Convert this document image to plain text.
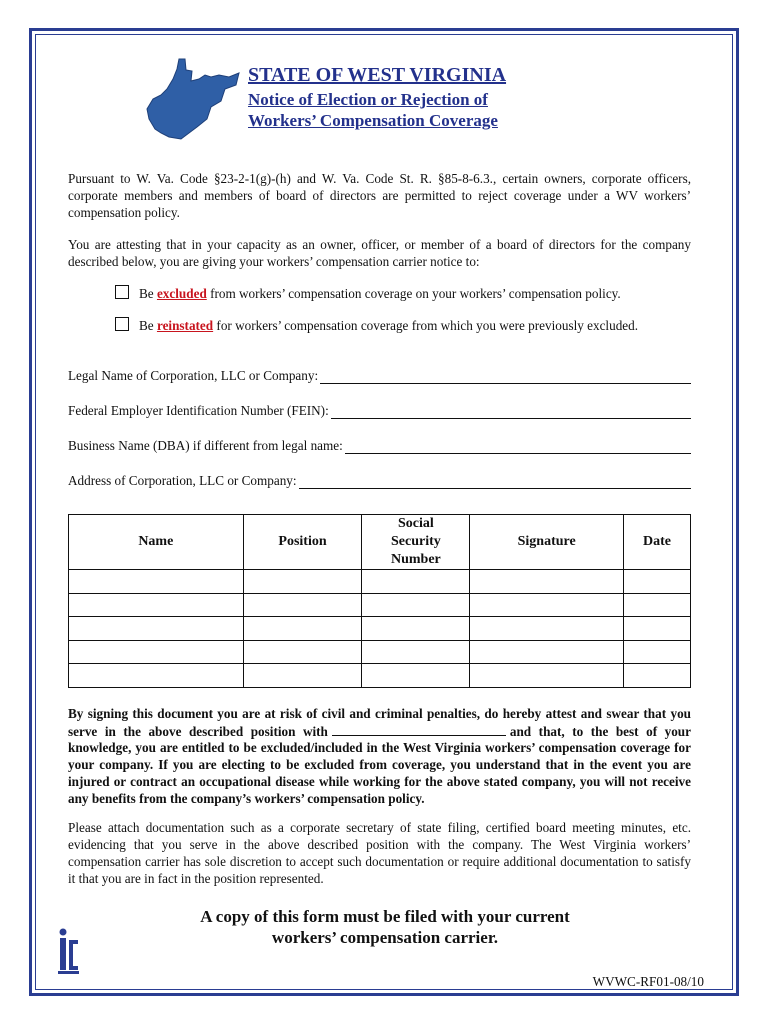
STATE OF WEST VIRGINIA
Notice of Election or Rejection of
Workers’ Compensation Coverage

Pursuant to W. Va. Code §23-2-1(g)-(h) and W. Va. Code St. R. §85-8-6.3., certain owners, corporate officers, corporate members and members of board of directors are permitted to reject coverage under a WV workers’ compensation policy.

You are attesting that in your capacity as an owner, officer, or member of a board of directors for the company described below, you are giving your workers’ compensation carrier notice to:

Be excluded from workers’ compensation coverage on your workers’ compensation policy.
Be reinstated for workers’ compensation coverage from which you were previously excluded.
Legal Name of Corporation, LLC or Company:
Federal Employer Identification Number (FEIN):
Business Name (DBA) if different from legal name:
Address of Corporation, LLC or Company:
Name	Position	Social
Security
Number	Signature	Date

By signing this document you are at risk of civil and criminal penalties, do hereby attest and swear that you serve in the above described position with	and that, to the best of your knowledge, you are entitled to be excluded/included in the West Virginia workers’ compensation coverage for your company. If you are electing to be excluded from coverage, you understand that in the event you are injured or contract an occupational disease while working for the above stated company, you will not receive any benefits from the company’s workers’ compensation policy.

Please attach documentation such as a corporate secretary of state filing, certified board meeting minutes, etc. evidencing that you serve in the above described position with the company. The West Virginia workers’ compensation carrier has sole discretion to accept such documentation or require additional documentation to satisfy it that you are in fact in the position represented.

A copy of this form must be filed with your current
workers’ compensation carrier.
WVWC-RF01-08/10
